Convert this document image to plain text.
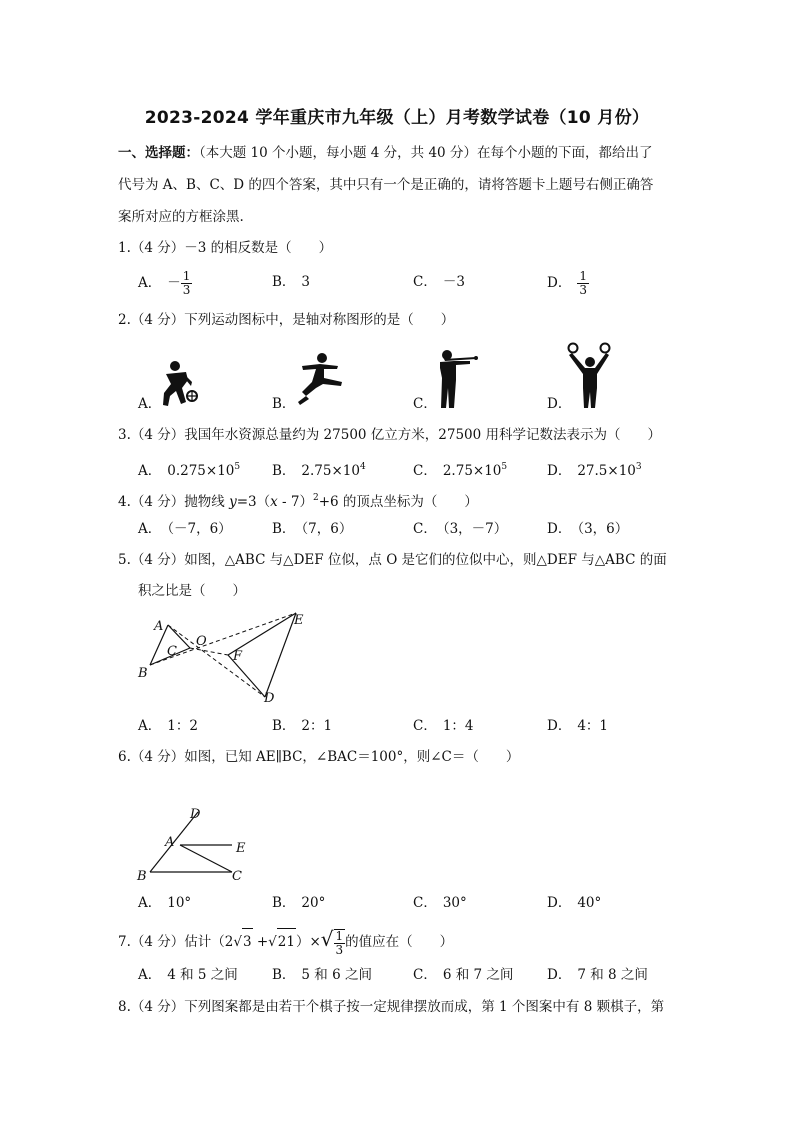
2023-2024 学年重庆市九年级（上）月考数学试卷（10 月份）
一、选择题：（本大题 10 个小题，每小题 4 分，共 40 分）在每个小题的下面，都给出了
代号为 A、B、C、D 的四个答案，其中只有一个是正确的，请将答题卡上题号右侧正确答
案所对应的方框涂黑.
1.（4 分）－3 的相反数是（　　）
A． － $\frac{1}{3}$	B． 3	C． －3	D． $\frac{1}{3}$
2.（4 分）下列运动图标中，是轴对称图形的是（　　）
A．	B．	C．	D．
3.（4 分）我国年水资源总量约为 27500 亿立方米，27500 用科学记数法表示为（　　）
A． $0.275\times 10^5$ B． $2.75\times 10^4$	C． $2.75\times 10^5$	D． $27.5\times 10^3$
4.（4 分）抛物线 y=3（x - 7）$^2$+6 的顶点坐标为（　　）
A． （－7，6）	B． （7，6）	C． （3，－7）	D． （3，6）
5.（4 分）如图，△ABC 与△DEF 位似，点 O 是它们的位似中心，则△DEF 与△ABC 的面
积之比是（　　）
A
B
C
O
E
F
D
A． 1：2	B． 2：1	C． 1：4	D． 4：1
6.（4 分）如图，已知 AE∥BC，∠BAC＝100°，则∠C＝（　　）
D
A	E
B	C
A． 10°	B． 20°	C． 30°	D． 40°
7.（4 分）估计$(2√3 +√21)\times√ \frac{1}{3}$ 的值应在（　　）
A． 4 和 5 之间	B． 5 和 6 之间	C． 6 和 7 之间 D． 7 和 8 之间
8.（4 分）下列图案都是由若干个棋子按一定规律摆放而成，第 1 个图案中有 8 颗棋子，第
